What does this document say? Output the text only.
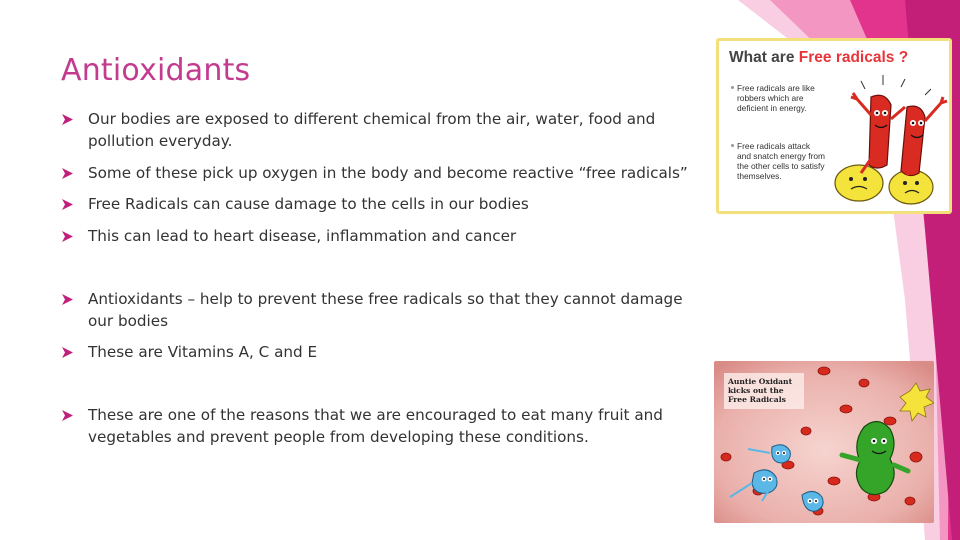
Antioxidants
Our bodies are exposed to different chemical from the air, water, food and
pollution everyday.
Some of these pick up oxygen in the body and become reactive “free radicals”
Free Radicals can cause damage to the cells in our bodies
This can lead to heart disease, inflammation and cancer
Antioxidants – help to prevent these free radicals so that they cannot damage
our bodies
These are Vitamins A, C and E
These are one of the reasons that we are encouraged to eat many fruit and
vegetables and prevent people from developing these conditions.
What are Free radicals ?
Free radicals are like robbers which are deficient in energy.
Free radicals attack and snatch energy from the other cells to satisfy themselves.
Auntie Oxidant kicks out the Free Radicals
